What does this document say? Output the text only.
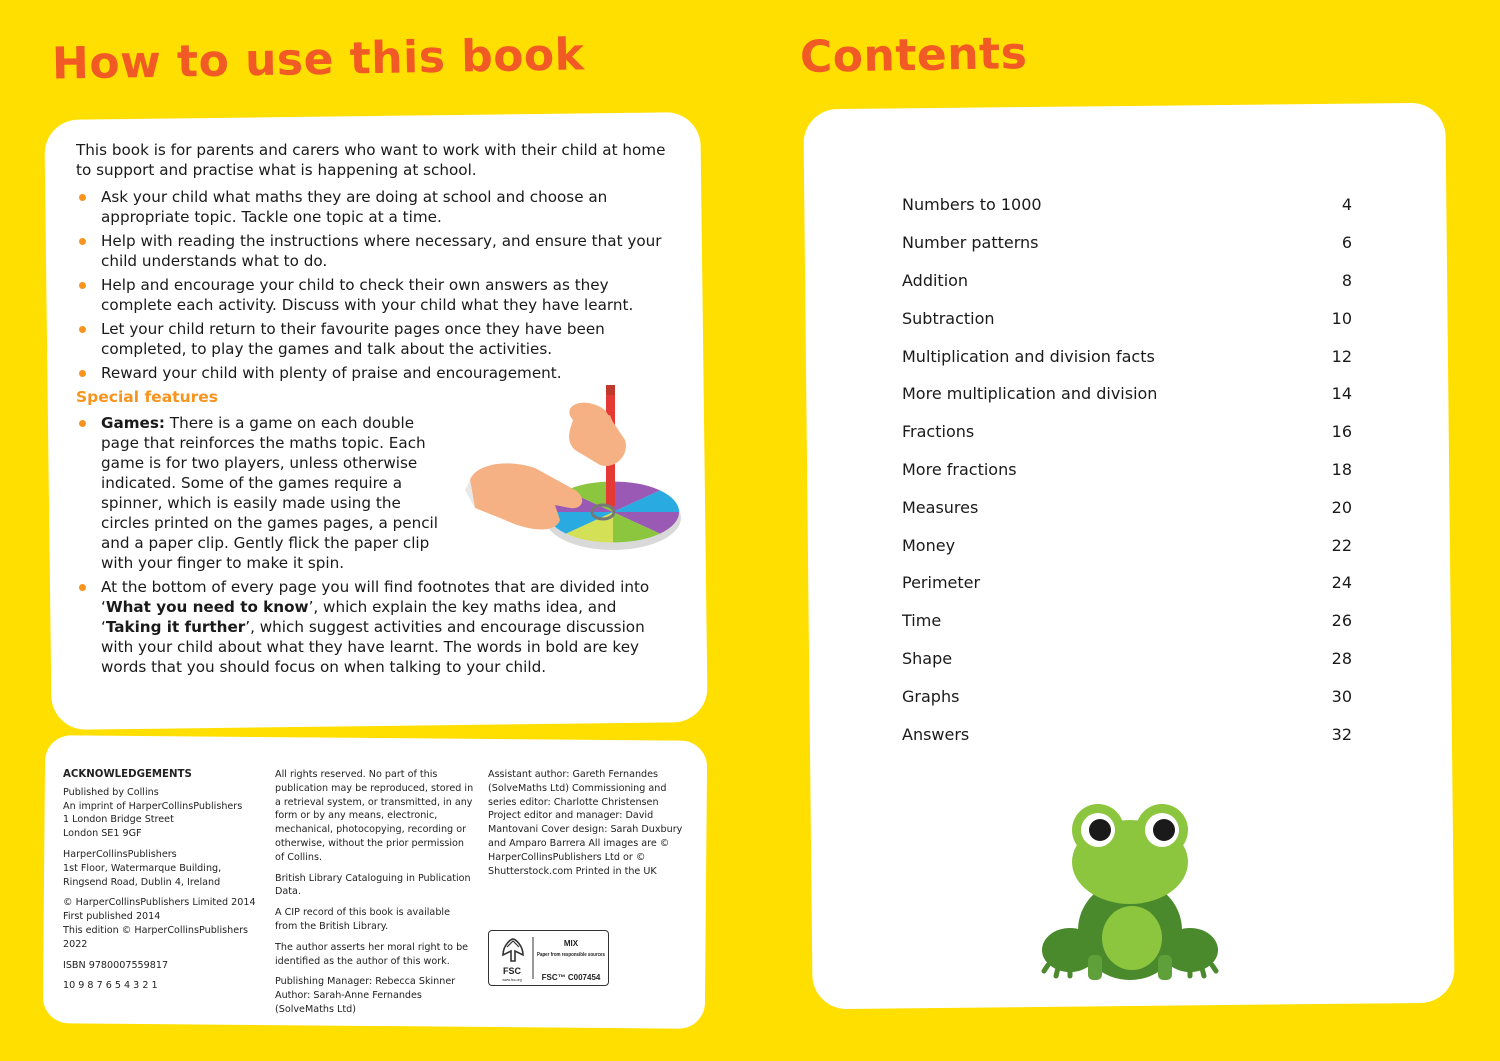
How to use this book

This book is for parents and carers who want to work with their child at home to support and practise what is happening at school.

Ask your child what maths they are doing at school and choose an appropriate topic. Tackle one topic at a time.
Help with reading the instructions where necessary, and ensure that your child understands what to do.
Help and encourage your child to check their own answers as they complete each activity. Discuss with your child what they have learnt.
Let your child return to their favourite pages once they have been completed, to play the games and talk about the activities.
Reward your child with plenty of praise and encouragement.
Special features
Games: There is a game on each double page that reinforces the maths topic. Each game is for two players, unless otherwise indicated. Some of the games require a spinner, which is easily made using the circles printed on the games pages, a pencil and a paper clip. Gently flick the paper clip with your finger to make it spin.
At the bottom of every page you will find footnotes that are divided into ‘What you need to know’, which explain the key maths idea, and ‘Taking it further’, which suggest activities and encourage discussion with your child about what they have learnt. The words in bold are key words that you should focus on when talking to your child.

ACKNOWLEDGEMENTS

Published by Collins
An imprint of HarperCollinsPublishers
1 London Bridge Street
London SE1 9GF

HarperCollinsPublishers
1st Floor, Watermarque Building,
Ringsend Road, Dublin 4, Ireland

© HarperCollinsPublishers Limited 2014
First published 2014
This edition © HarperCollinsPublishers 2022

ISBN 9780007559817

10 9 8 7 6 5 4 3 2 1

All rights reserved. No part of this publication may be reproduced, stored in a retrieval system, or transmitted, in any form or by any means, electronic, mechanical, photocopying, recording or otherwise, without the prior permission of Collins.

British Library Cataloguing in Publication Data.

A CIP record of this book is available from the British Library.

The author asserts her moral right to be identified as the author of this work.

Publishing Manager: Rebecca Skinner Author: Sarah-Anne Fernandes (SolveMaths Ltd)

Assistant author: Gareth Fernandes (SolveMaths Ltd) Commissioning and series editor: Charlotte Christensen Project editor and manager: David Mantovani Cover design: Sarah Duxbury and Amparo Barrera All images are © HarperCollinsPublishers Ltd or © Shutterstock.com Printed in the UK

FSC
www.fsc.org
MIX
Paper from responsible sources
FSC™ C007454
Contents
Numbers to 1000	4
Number patterns	6
Addition	8
Subtraction	10
Multiplication and division facts	12
More multiplication and division	14
Fractions	16
More fractions	18
Measures	20
Money	22
Perimeter	24
Time	26
Shape	28
Graphs	30
Answers	32
